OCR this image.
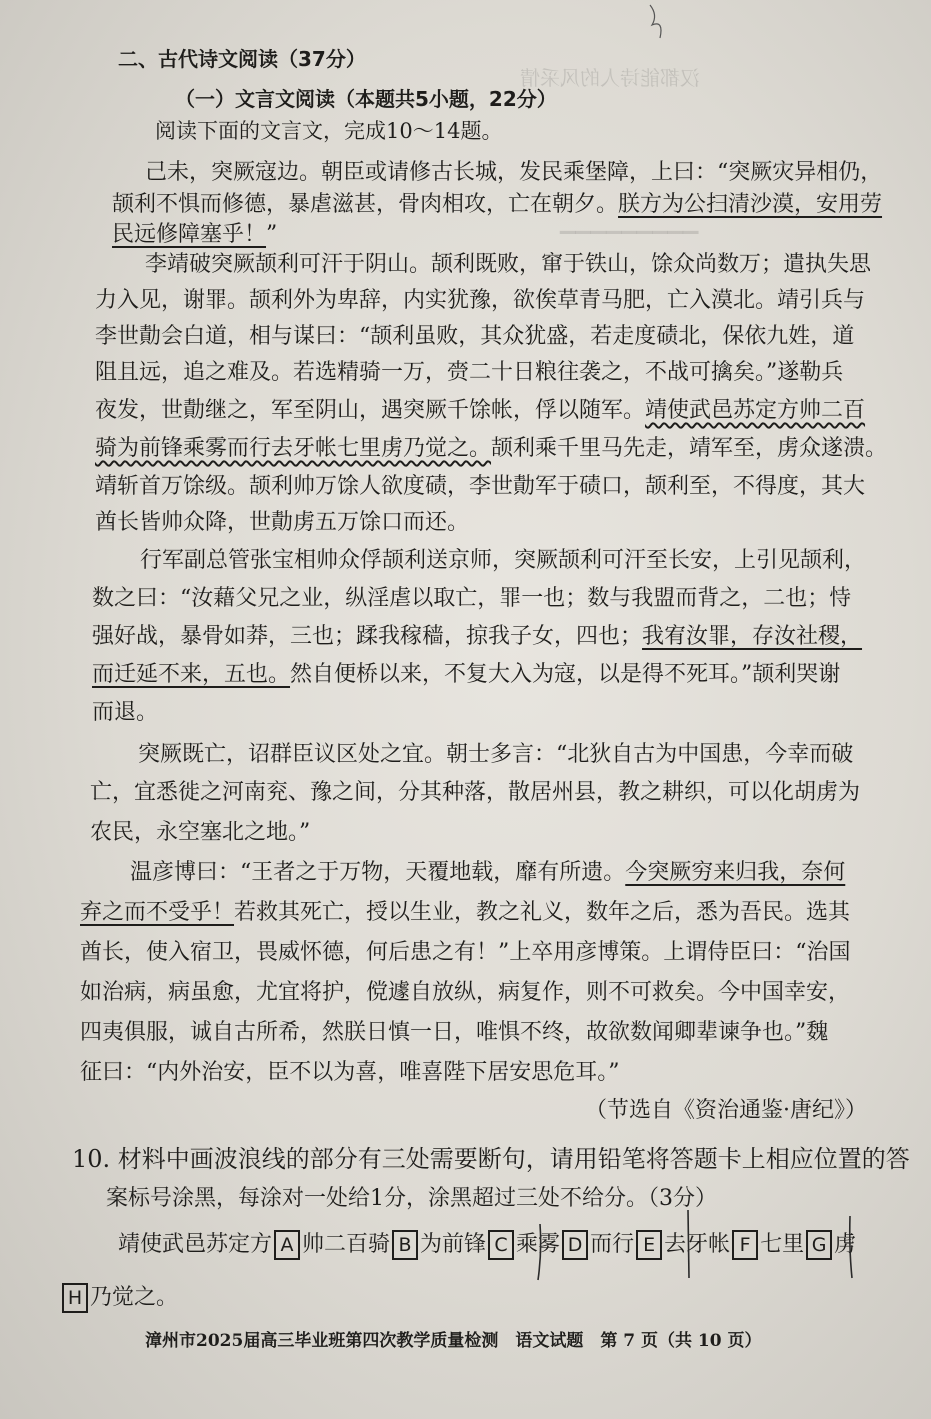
汉都能诗人的风采情
▁▁▁▁▁▁▁▁▁
二、古代诗文阅读（37分）
（一）文言文阅读（本题共5小题，22分）
阅读下面的文言文，完成10～14题。
己未，突厥寇边。朝臣或请修古长城，发民乘堡障，上曰：“突厥灾异相仍，
颉利不惧而修德，暴虐滋甚，骨肉相攻，亡在朝夕。朕方为公扫清沙漠，安用劳
民远修障塞乎！”
李靖破突厥颉利可汗于阴山。颉利既败，窜于铁山，馀众尚数万；遣执失思
力入见，谢罪。颉利外为卑辞，内实犹豫，欲俟草青马肥，亡入漠北。靖引兵与
李世勣会白道，相与谋曰：“颉利虽败，其众犹盛，若走度碛北，保依九姓，道
阻且远，追之难及。若选精骑一万，赍二十日粮往袭之，不战可擒矣。”遂勒兵
夜发，世勣继之，军至阴山，遇突厥千馀帐，俘以随军。靖使武邑苏定方帅二百
骑为前锋乘雾而行去牙帐七里虏乃觉之。颉利乘千里马先走，靖军至，虏众遂溃。
靖斩首万馀级。颉利帅万馀人欲度碛，李世勣军于碛口，颉利至，不得度，其大
酋长皆帅众降，世勣虏五万馀口而还。
行军副总管张宝相帅众俘颉利送京师，突厥颉利可汗至长安，上引见颉利，
数之曰：“汝藉父兄之业，纵淫虐以取亡，罪一也；数与我盟而背之，二也；恃
强好战，暴骨如莽，三也；蹂我稼穑，掠我子女，四也；我宥汝罪，存汝社稷，
而迁延不来，五也。然自便桥以来，不复大入为寇，以是得不死耳。”颉利哭谢
而退。
突厥既亡，诏群臣议区处之宜。朝士多言：“北狄自古为中国患，今幸而破
亡，宜悉徙之河南兖、豫之间，分其种落，散居州县，教之耕织，可以化胡虏为
农民，永空塞北之地。”
温彦博曰：“王者之于万物，天覆地载，靡有所遗。今突厥穷来归我，奈何
弃之而不受乎！若救其死亡，授以生业，教之礼义，数年之后，悉为吾民。选其
酋长，使入宿卫，畏威怀德，何后患之有！”上卒用彦博策。上谓侍臣曰：“治国
如治病，病虽愈，尤宜将护，傥遽自放纵，病复作，则不可救矣。今中国幸安，
四夷俱服，诚自古所希，然朕日慎一日，唯惧不终，故欲数闻卿辈谏争也。”魏
征曰：“内外治安，臣不以为喜，唯喜陛下居安思危耳。”
（节选自《资治通鉴·唐纪》）
10. 材料中画波浪线的部分有三处需要断句，请用铅笔将答题卡上相应位置的答
案标号涂黑，每涂对一处给1分，涂黑超过三处不给分。（3分）
靖使武邑苏定方 A 帅二百骑 B 为前锋 C 乘雾 D 而行 E 去牙帐 F 七里 G 虏
H 乃觉之。
漳州市2025届高三毕业班第四次教学质量检测　语文试题　第 7 页（共 10 页）
